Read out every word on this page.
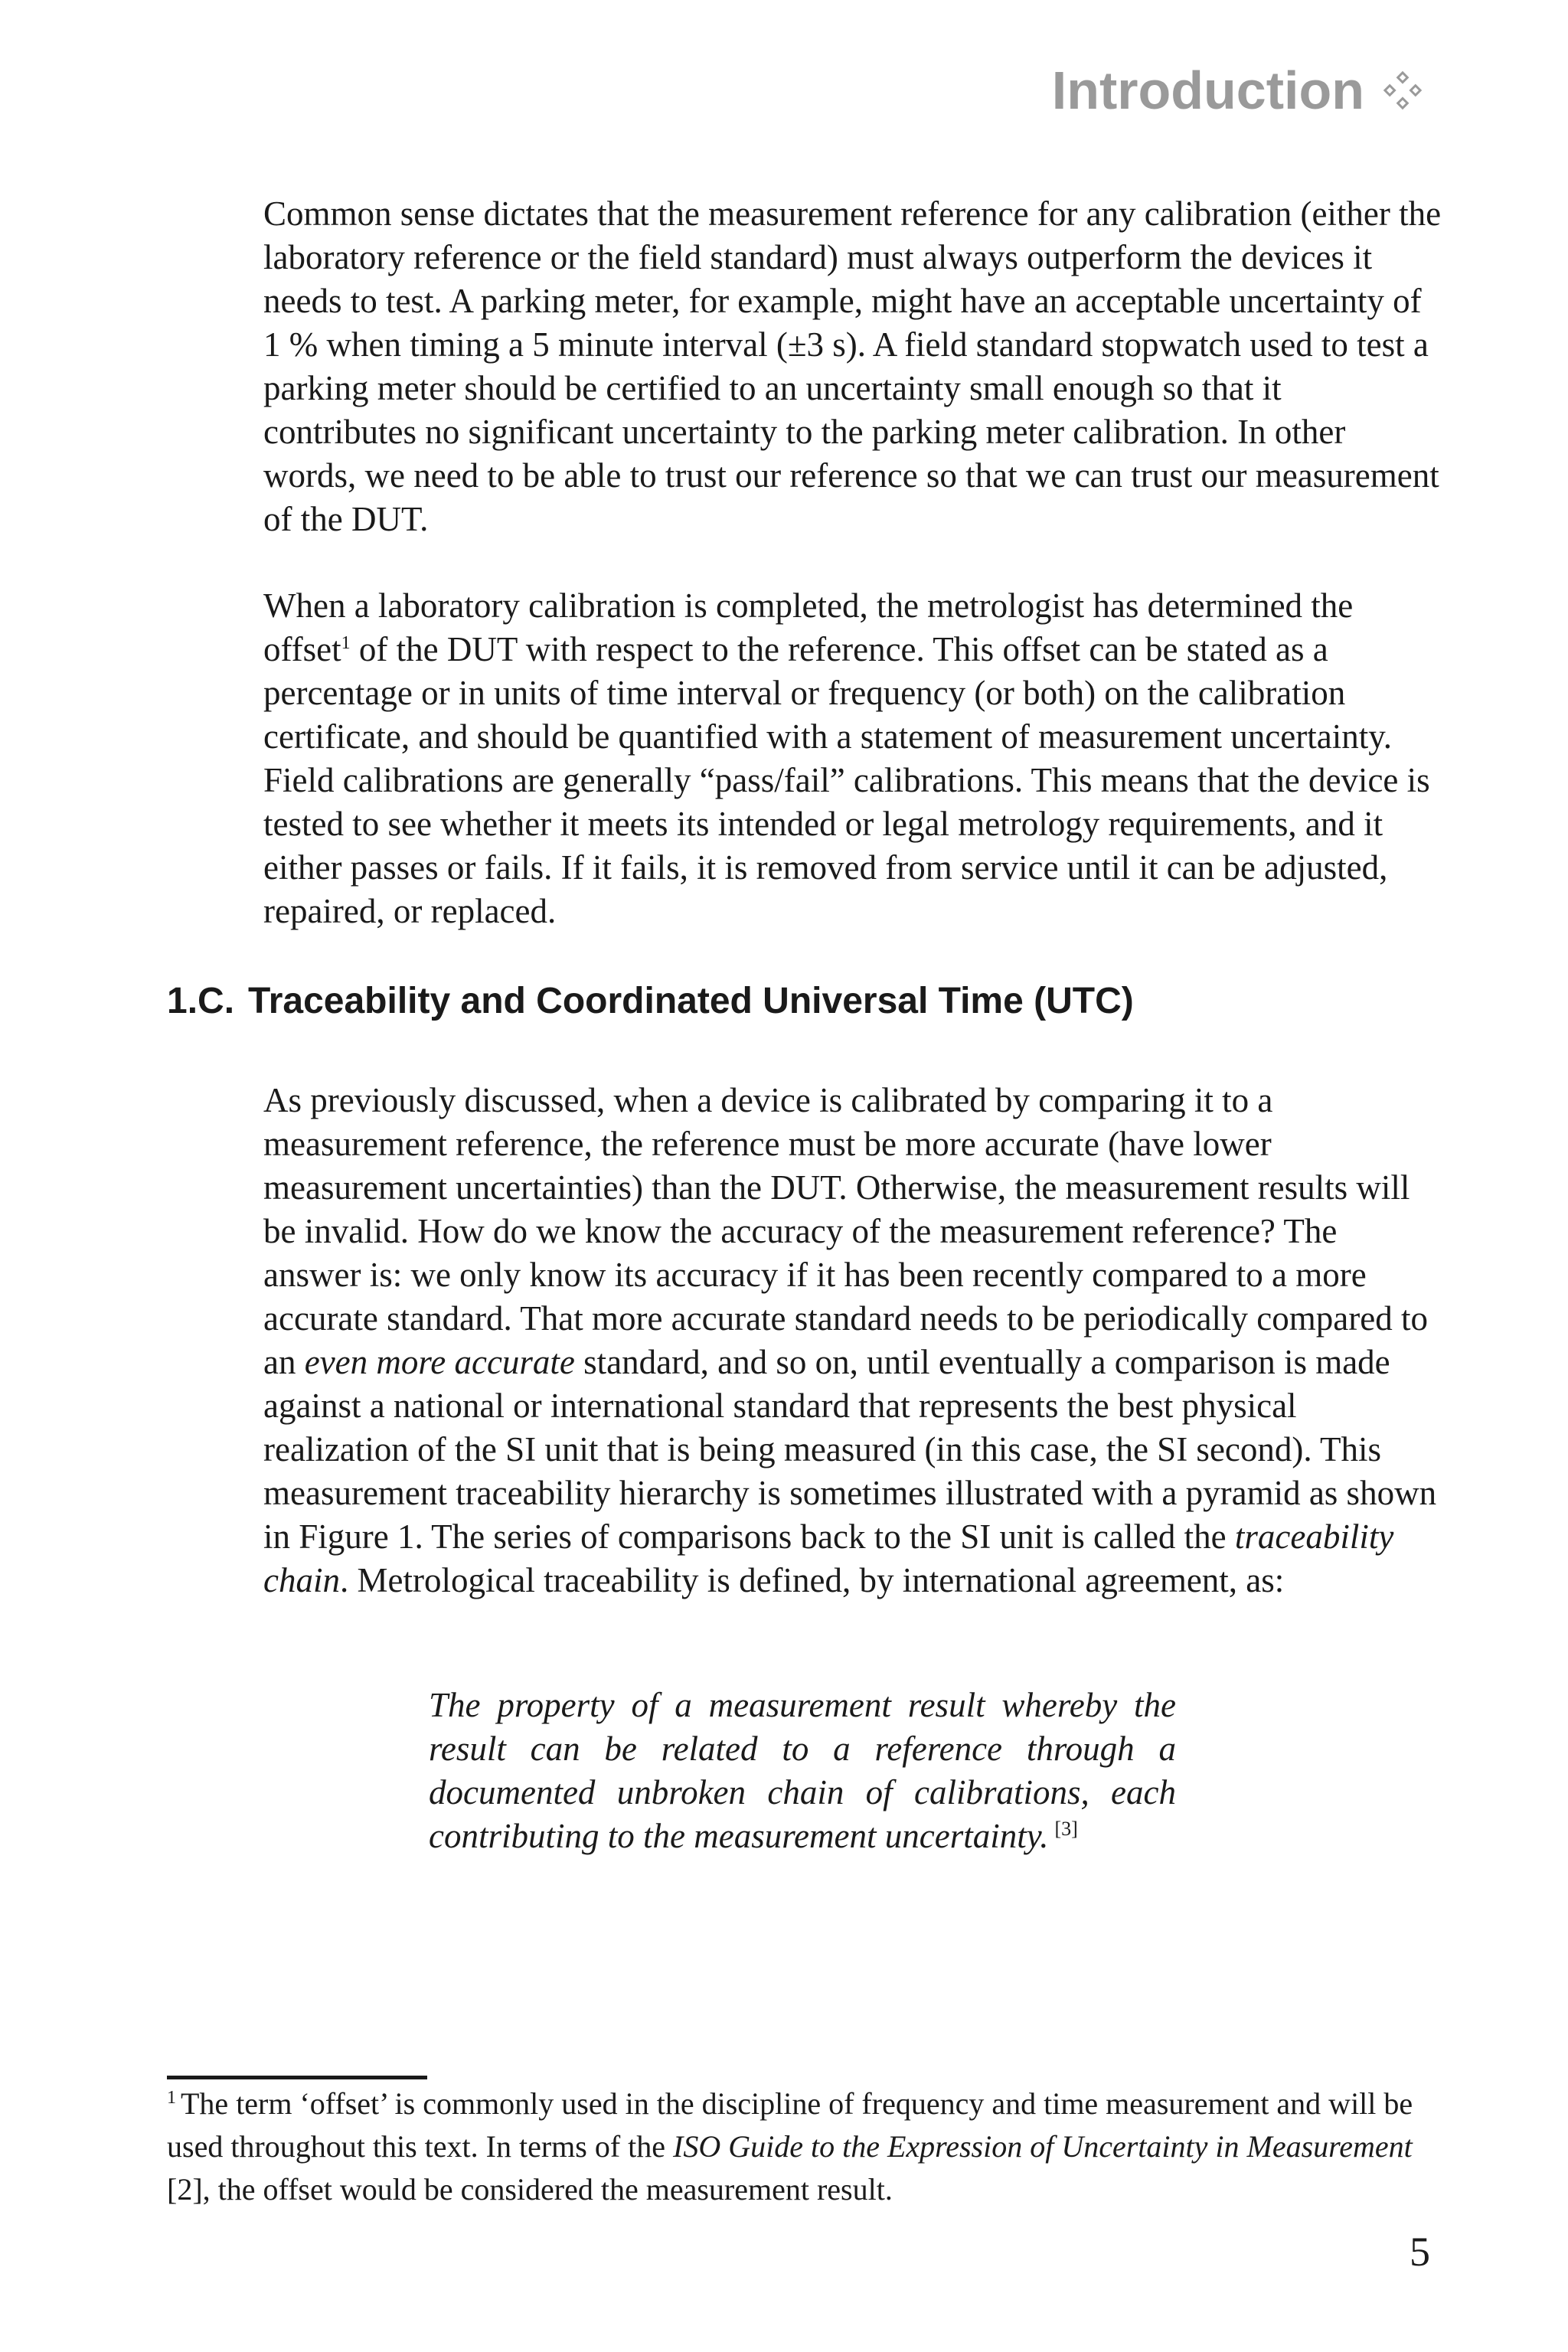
Introduction

Common sense dictates that the measurement reference for any calibration (either the laboratory reference or the field standard) must always outperform the devices it needs to test. A parking meter, for example, might have an acceptable uncertainty of 1 % when timing a 5 minute interval (±3 s). A field standard stopwatch used to test a parking meter should be certified to an uncertainty small enough so that it contributes no significant uncertainty to the parking meter calibration. In other words, we need to be able to trust our reference so that we can trust our measurement of the DUT.

When a laboratory calibration is completed, the metrologist has determined the offset$^1$ of the DUT with respect to the reference. This offset can be stated as a percentage or in units of time interval or frequency (or both) on the calibration certificate, and should be quantified with a statement of measurement uncertainty. Field calibrations are generally “pass/fail” calibrations. This means that the device is tested to see whether it meets its intended or legal metrology requirements, and it either passes or fails. If it fails, it is removed from service until it can be adjusted, repaired, or replaced.

1.C. Traceability and Coordinated Universal Time (UTC)

As previously discussed, when a device is calibrated by comparing it to a measurement reference, the reference must be more accurate (have lower measurement uncertainties) than the DUT. Otherwise, the measurement results will be invalid. How do we know the accuracy of the measurement reference? The answer is: we only know its accuracy if it has been recently compared to a more accurate standard. That more accurate standard needs to be periodically compared to an even more accurate standard, and so on, until eventually a comparison is made against a national or international standard that represents the best physical realization of the SI unit that is being measured (in this case, the SI second). This measurement traceability hierarchy is sometimes illustrated with a pyramid as shown in Figure 1. The series of comparisons back to the SI unit is called the traceability chain. Metrological traceability is defined, by international agreement, as:

The property of a measurement result whereby the result can be related to a reference through a documented unbroken chain of calibrations, each contributing to the measurement uncertainty. [3]

$^1$ The term ‘offset’ is commonly used in the discipline of frequency and time measurement and will be used throughout this text. In terms of the ISO Guide to the Expression of Uncertainty in Measurement [2], the offset would be considered the measurement result.

5
